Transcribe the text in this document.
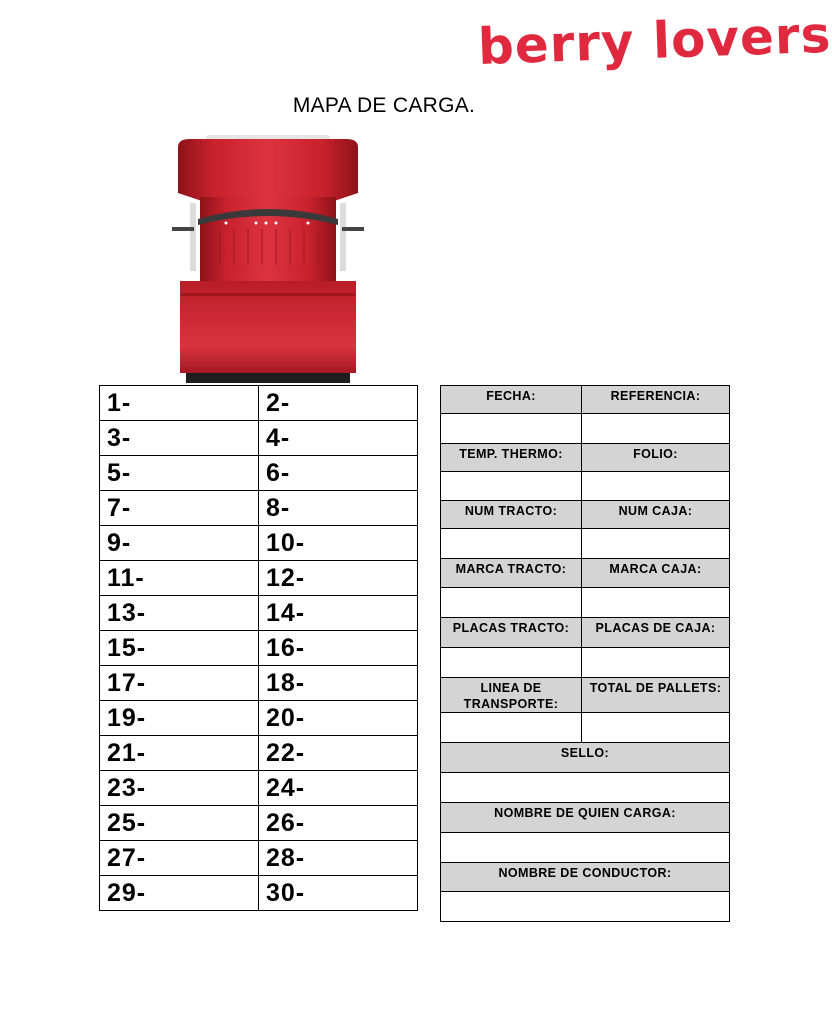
berry lovers
MAPA DE CARGA.
1-	2-
3-	4-
5-	6-
7-	8-
9-	10-
11-	12-
13-	14-
15-	16-
17-	18-
19-	20-
21-	22-
23-	24-
25-	26-
27-	28-
29-	30-
FECHA:	REFERENCIA:

TEMP. THERMO:	FOLIO:

NUM TRACTO:	NUM CAJA:

MARCA TRACTO:	MARCA CAJA:

PLACAS TRACTO:	PLACAS DE CAJA:

LINEA DE TRANSPORTE:	TOTAL DE PALLETS:

SELLO:	

NOMBRE DE QUIEN CARGA:	

NOMBRE DE CONDUCTOR:	
